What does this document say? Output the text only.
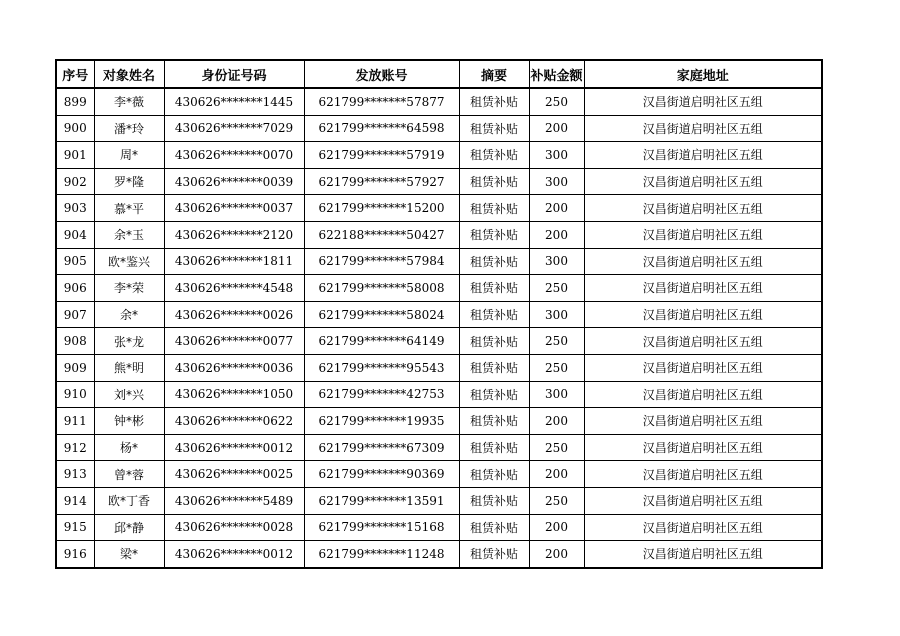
序号	对象姓名	身份证号码	发放账号	摘要	补贴金额	家庭地址
899	李*薇	430626*******1445	621799*******57877	租赁补贴	250	汉昌街道启明社区五组
900	潘*玲	430626*******7029	621799*******64598	租赁补贴	200	汉昌街道启明社区五组
901	周*	430626*******0070	621799*******57919	租赁补贴	300	汉昌街道启明社区五组
902	罗*隆	430626*******0039	621799*******57927	租赁补贴	300	汉昌街道启明社区五组
903	慕*平	430626*******0037	621799*******15200	租赁补贴	200	汉昌街道启明社区五组
904	余*玉	430626*******2120	622188*******50427	租赁补贴	200	汉昌街道启明社区五组
905	欧*鉴兴	430626*******1811	621799*******57984	租赁补贴	300	汉昌街道启明社区五组
906	李*荣	430626*******4548	621799*******58008	租赁补贴	250	汉昌街道启明社区五组
907	余*	430626*******0026	621799*******58024	租赁补贴	300	汉昌街道启明社区五组
908	张*龙	430626*******0077	621799*******64149	租赁补贴	250	汉昌街道启明社区五组
909	熊*明	430626*******0036	621799*******95543	租赁补贴	250	汉昌街道启明社区五组
910	刘*兴	430626*******1050	621799*******42753	租赁补贴	300	汉昌街道启明社区五组
911	钟*彬	430626*******0622	621799*******19935	租赁补贴	200	汉昌街道启明社区五组
912	杨*	430626*******0012	621799*******67309	租赁补贴	250	汉昌街道启明社区五组
913	曾*蓉	430626*******0025	621799*******90369	租赁补贴	200	汉昌街道启明社区五组
914	欧*丁香	430626*******5489	621799*******13591	租赁补贴	250	汉昌街道启明社区五组
915	邱*静	430626*******0028	621799*******15168	租赁补贴	200	汉昌街道启明社区五组
916	梁*	430626*******0012	621799*******11248	租赁补贴	200	汉昌街道启明社区五组
